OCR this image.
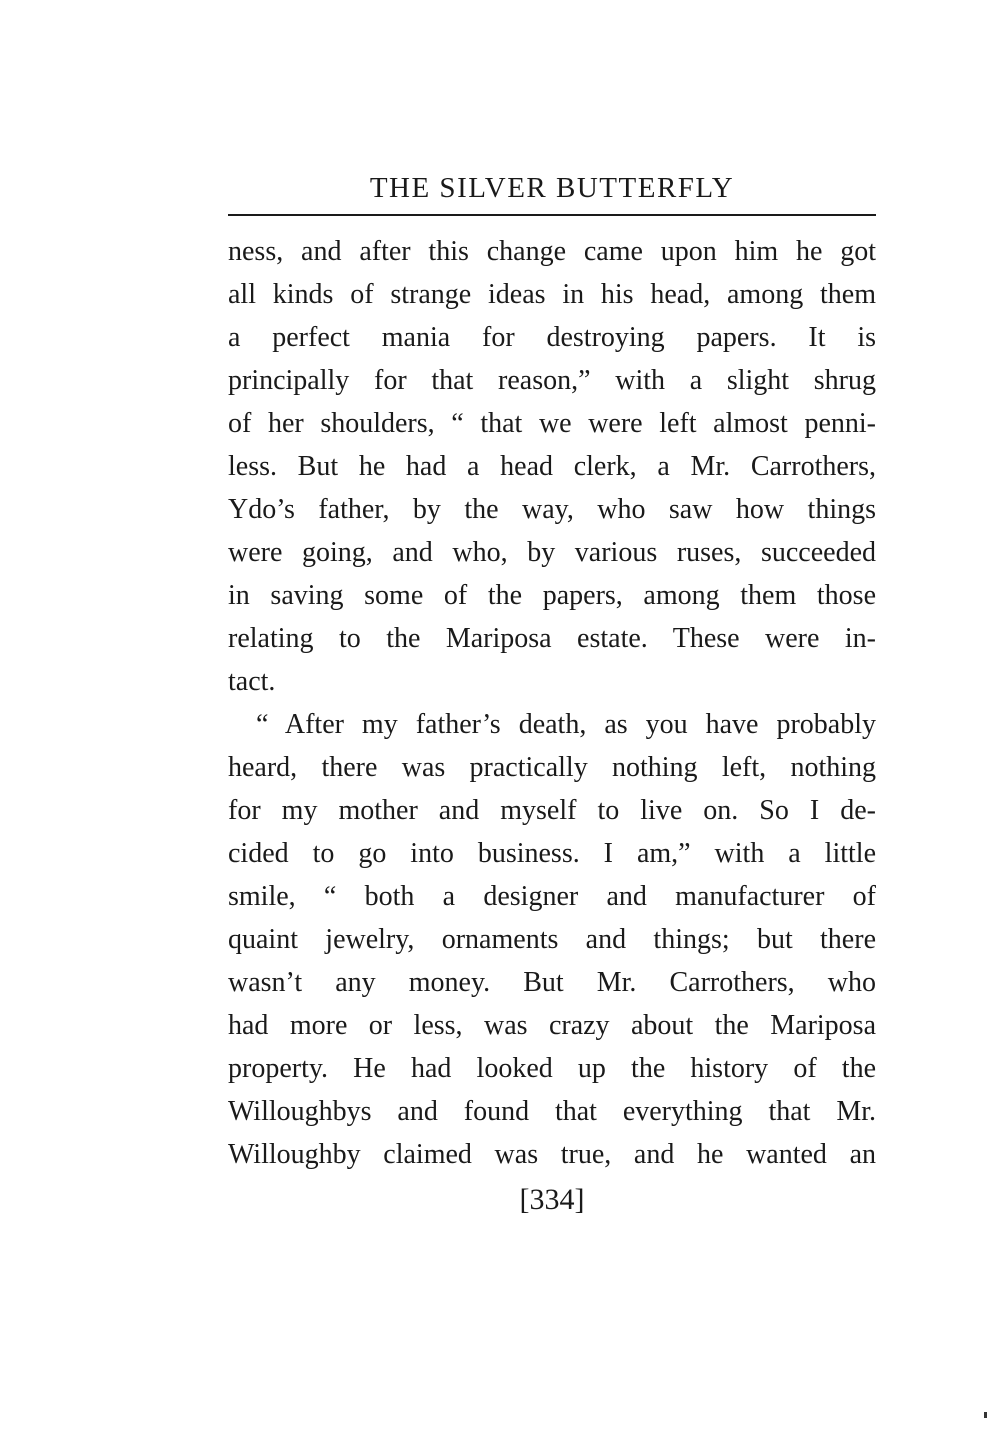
THE SILVER BUTTERFLY
ness, and after this change came upon him he got
all kinds of strange ideas in his head, among them
a perfect mania for destroying papers. It is
principally for that reason,” with a slight shrug
of her shoulders, “ that we were left almost penni-
less. But he had a head clerk, a Mr. Carrothers,
Ydo’s father, by the way, who saw how things
were going, and who, by various ruses, succeeded
in saving some of the papers, among them those
relating to the Mariposa estate. These were in-
tact.
“ After my father’s death, as you have probably
heard, there was practically nothing left, nothing
for my mother and myself to live on. So I de-
cided to go into business. I am,” with a little
smile, “ both a designer and manufacturer of
quaint jewelry, ornaments and things; but there
wasn’t any money. But Mr. Carrothers, who
had more or less, was crazy about the Mariposa
property. He had looked up the history of the
Willoughbys and found that everything that Mr.
Willoughby claimed was true, and he wanted an
[334]
